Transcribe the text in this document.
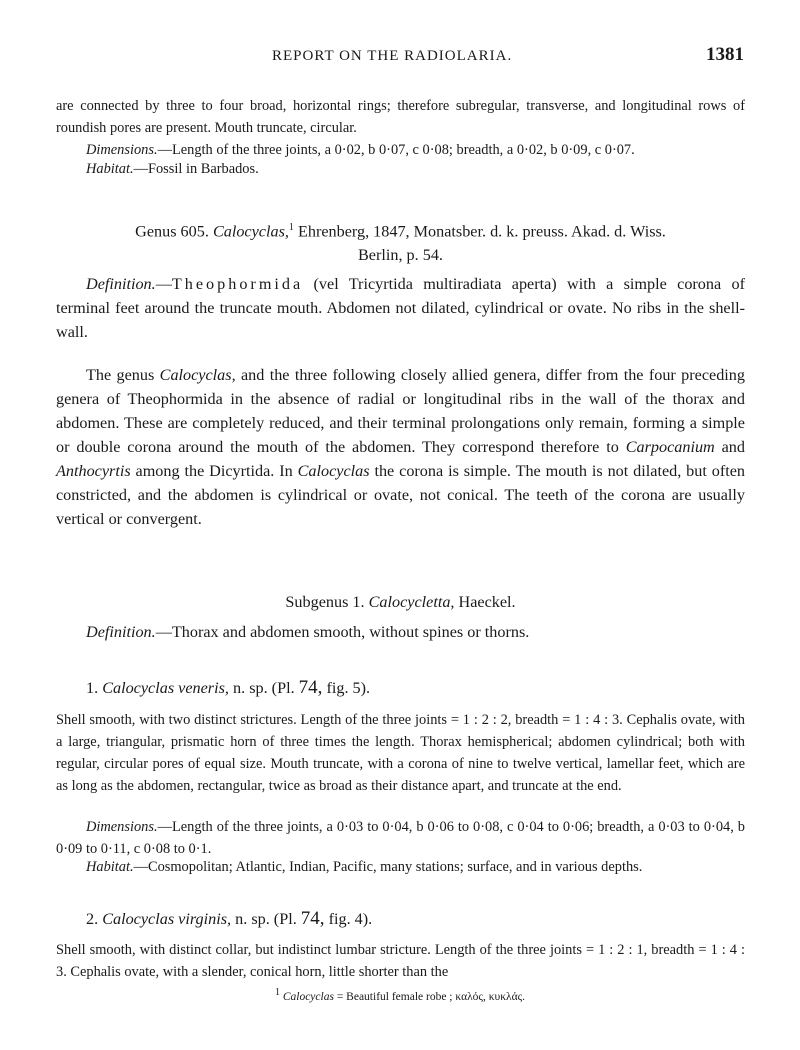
REPORT ON THE RADIOLARIA.	1381

are connected by three to four broad, horizontal rings; therefore subregular, transverse, and longitudinal rows of roundish pores are present. Mouth truncate, circular.

Dimensions.—Length of the three joints, a 0·02, b 0·07, c 0·08; breadth, a 0·02, b 0·09, c 0·07.

Habitat.—Fossil in Barbados.

Genus 605. Calocyclas,$^1$ Ehrenberg, 1847, Monatsber. d. k. preuss. Akad. d. Wiss.
Berlin, p. 54.

Definition.—Theophormida (vel Tricyrtida multiradiata aperta) with a simple corona of terminal feet around the truncate mouth. Abdomen not dilated, cylindrical or ovate. No ribs in the shell-wall.

The genus Calocyclas, and the three following closely allied genera, differ from the four preceding genera of Theophormida in the absence of radial or longitudinal ribs in the wall of the thorax and abdomen. These are completely reduced, and their terminal prolongations only remain, forming a simple or double corona around the mouth of the abdomen. They correspond therefore to Carpocanium and Anthocyrtis among the Dicyrtida. In Calocyclas the corona is simple. The mouth is not dilated, but often constricted, and the abdomen is cylindrical or ovate, not conical. The teeth of the corona are usually vertical or convergent.

Subgenus 1. Calocycletta, Haeckel.

Definition.—Thorax and abdomen smooth, without spines or thorns.

1. Calocyclas veneris, n. sp. (Pl. 74, fig. 5).

Shell smooth, with two distinct strictures. Length of the three joints = 1 : 2 : 2, breadth = 1 : 4 : 3. Cephalis ovate, with a large, triangular, prismatic horn of three times the length. Thorax hemispherical; abdomen cylindrical; both with regular, circular pores of equal size. Mouth truncate, with a corona of nine to twelve vertical, lamellar feet, which are as long as the abdomen, rectangular, twice as broad as their distance apart, and truncate at the end.

Dimensions.—Length of the three joints, a 0·03 to 0·04, b 0·06 to 0·08, c 0·04 to 0·06; breadth, a 0·03 to 0·04, b 0·09 to 0·11, c 0·08 to 0·1.

Habitat.—Cosmopolitan; Atlantic, Indian, Pacific, many stations; surface, and in various depths.

2. Calocyclas virginis, n. sp. (Pl. 74, fig. 4).

Shell smooth, with distinct collar, but indistinct lumbar stricture. Length of the three joints = 1 : 2 : 1, breadth = 1 : 4 : 3. Cephalis ovate, with a slender, conical horn, little shorter than the

$^1$ Calocyclas = Beautiful female robe ; καλός, κυκλάς.
